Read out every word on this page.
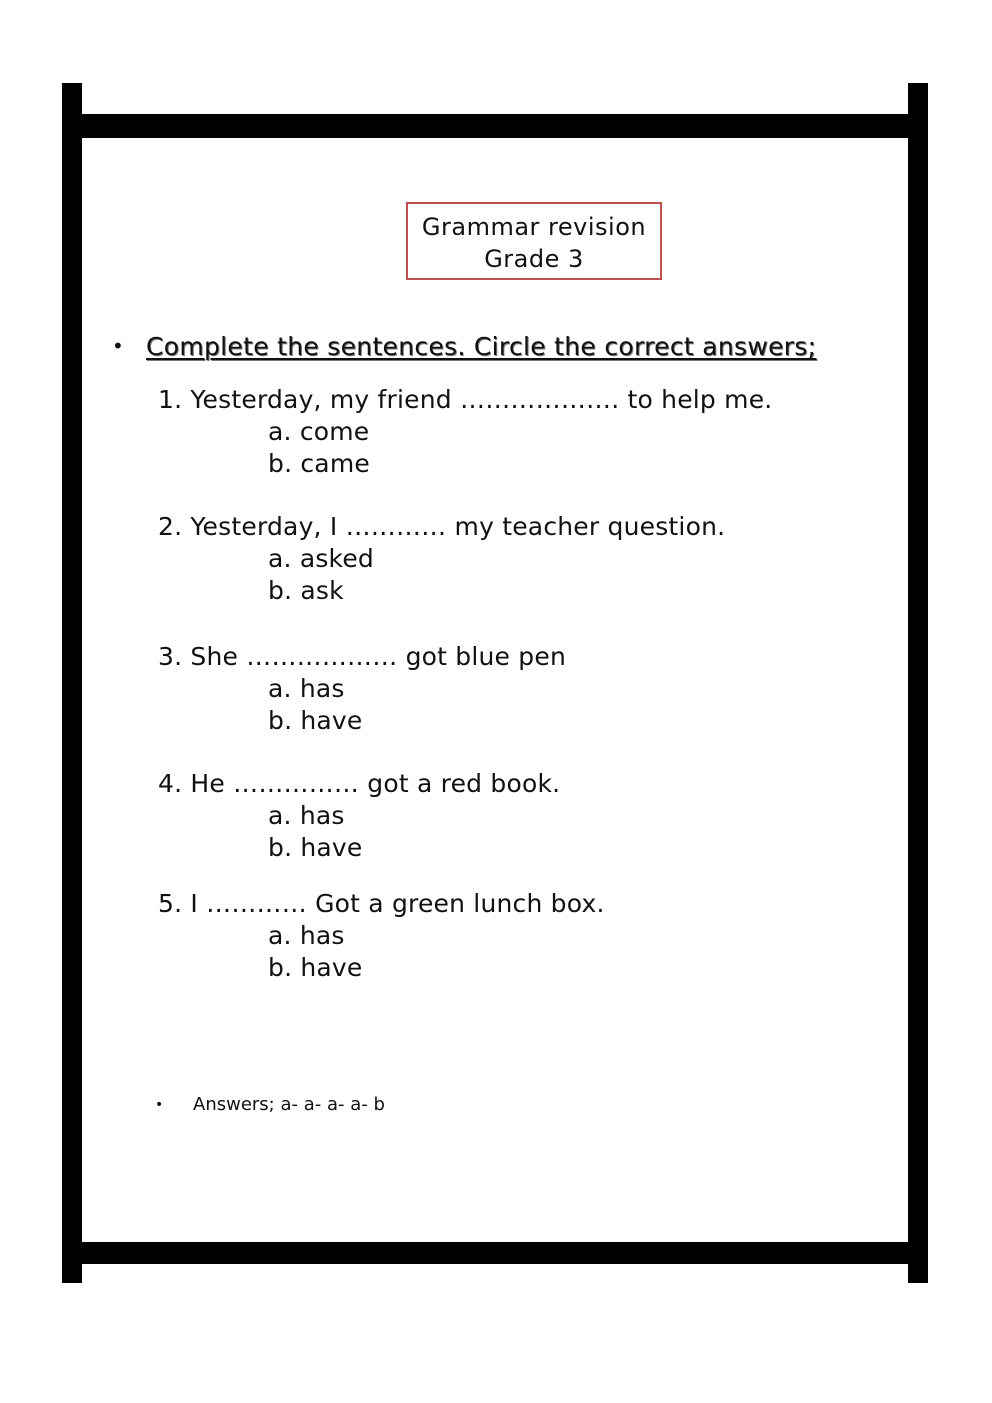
Grammar revision
Grade 3
• Complete the sentences. Circle the correct answers;
1. Yesterday, my friend ………………. to help me.
a. come
b. came
2. Yesterday, I ………… my teacher question.
a. asked
b. ask
3. She ……………… got blue pen
a. has
b. have
4. He …………… got a red book.
a. has
b. have
5. I ………… Got a green lunch box.
a. has
b. have
• Answers; a- a- a- a- b
